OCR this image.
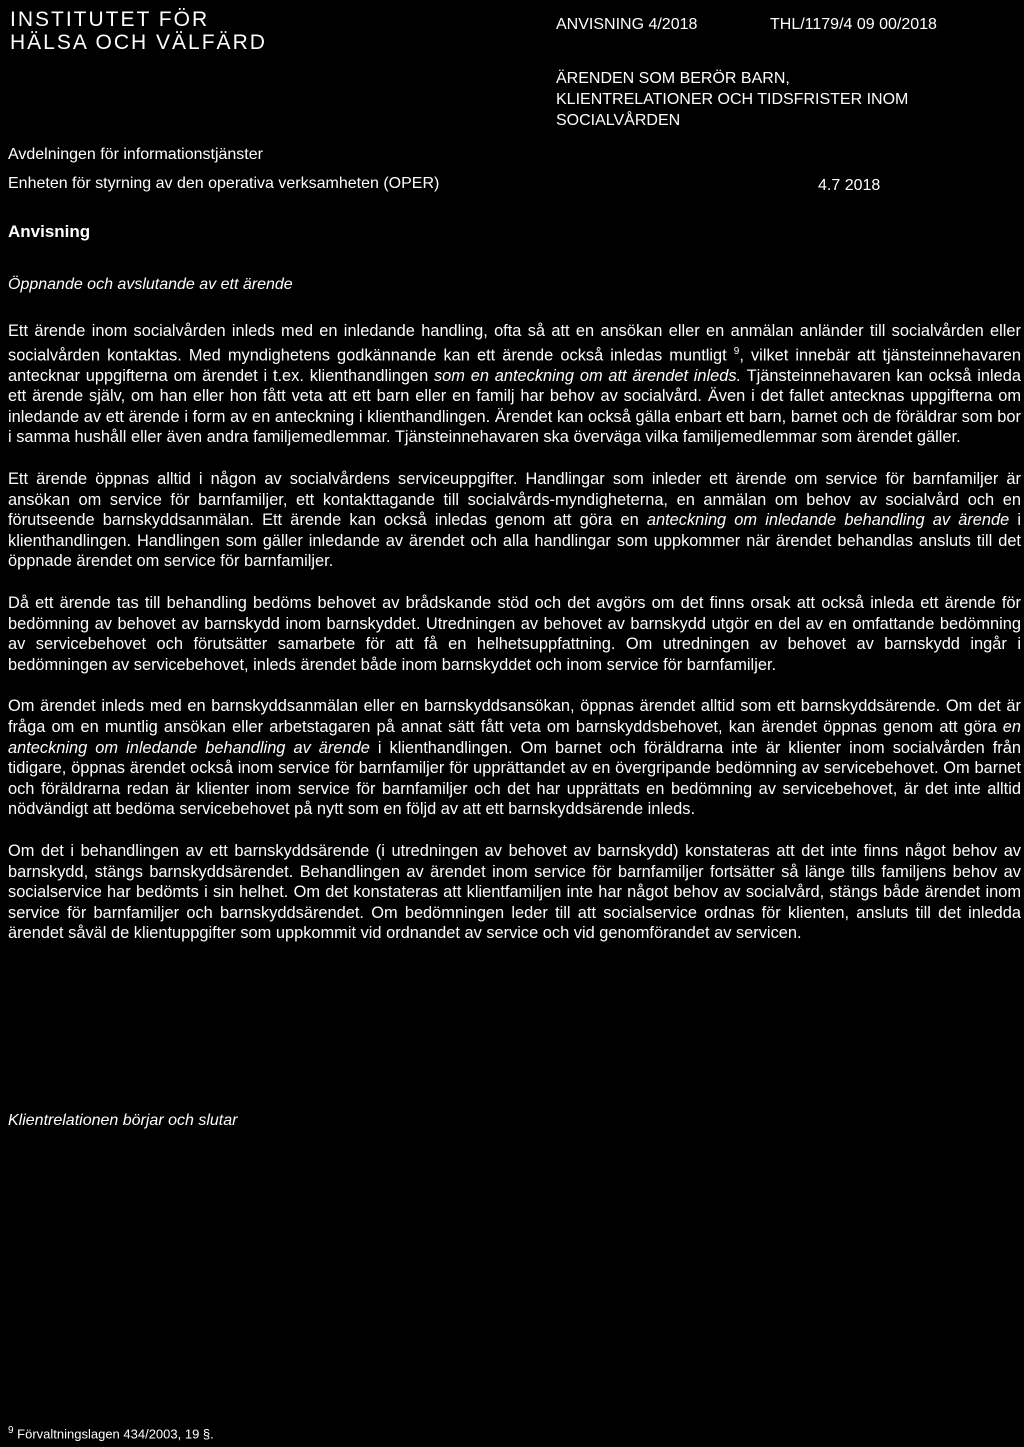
INSTITUTET FÖR
HÄLSA OCH VÄLFÄRD
ANVISNING 4/2018	THL/1179/4 09 00/2018
ÄRENDEN SOM BERÖR BARN,
KLIENTRELATIONER OCH TIDSFRISTER INOM
SOCIALVÅRDEN
Avdelningen för informationstjänster
Enheten för styrning av den operativa verksamheten (OPER)	4.7 2018
Anvisning
Öppnande och avslutande av ett ärende

Ett ärende inom socialvården inleds med en inledande handling, ofta så att en ansökan eller en anmälan anländer till socialvården eller socialvården kontaktas. Med myndighetens godkännande kan ett ärende också inledas muntligt $^9$, vilket innebär att tjänsteinnehavaren antecknar uppgifterna om ärendet i t.ex. klienthandlingen som en anteckning om att ärendet inleds. Tjänsteinnehavaren kan också inleda ett ärende själv, om han eller hon fått veta att ett barn eller en familj har behov av socialvård. Även i det fallet antecknas uppgifterna om inledande av ett ärende i form av en anteckning i klienthandlingen. Ärendet kan också gälla enbart ett barn, barnet och de föräldrar som bor i samma hushåll eller även andra familjemedlemmar. Tjänsteinnehavaren ska överväga vilka familjemedlemmar som ärendet gäller.

Ett ärende öppnas alltid i någon av socialvårdens serviceuppgifter. Handlingar som inleder ett ärende om service för barnfamiljer är ansökan om service för barnfamiljer, ett kontakttagande till socialvårds-myndigheterna, en anmälan om behov av socialvård och en förutseende barnskyddsanmälan. Ett ärende kan också inledas genom att göra en anteckning om inledande behandling av ärende i klienthandlingen. Handlingen som gäller inledande av ärendet och alla handlingar som uppkommer när ärendet behandlas ansluts till det öppnade ärendet om service för barnfamiljer.

Då ett ärende tas till behandling bedöms behovet av brådskande stöd och det avgörs om det finns orsak att också inleda ett ärende för bedömning av behovet av barnskydd inom barnskyddet. Utredningen av behovet av barnskydd utgör en del av en omfattande bedömning av servicebehovet och förutsätter samarbete för att få en helhetsuppfattning. Om utredningen av behovet av barnskydd ingår i bedömningen av servicebehovet, inleds ärendet både inom barnskyddet och inom service för barnfamiljer.

Om ärendet inleds med en barnskyddsanmälan eller en barnskyddsansökan, öppnas ärendet alltid som ett barnskyddsärende. Om det är fråga om en muntlig ansökan eller arbetstagaren på annat sätt fått veta om barnskyddsbehovet, kan ärendet öppnas genom att göra en anteckning om inledande behandling av ärende i klienthandlingen. Om barnet och föräldrarna inte är klienter inom socialvården från tidigare, öppnas ärendet också inom service för barnfamiljer för upprättandet av en övergripande bedömning av servicebehovet. Om barnet och föräldrarna redan är klienter inom service för barnfamiljer och det har upprättats en bedömning av servicebehovet, är det inte alltid nödvändigt att bedöma servicebehovet på nytt som en följd av att ett barnskyddsärende inleds.

Om det i behandlingen av ett barnskyddsärende (i utredningen av behovet av barnskydd) konstateras att det inte finns något behov av barnskydd, stängs barnskyddsärendet. Behandlingen av ärendet inom service för barnfamiljer fortsätter så länge tills familjens behov av socialservice har bedömts i sin helhet. Om det konstateras att klientfamiljen inte har något behov av socialvård, stängs både ärendet inom service för barnfamiljer och barnskyddsärendet. Om bedömningen leder till att socialservice ordnas för klienten, ansluts till det inledda ärendet såväl de klientuppgifter som uppkommit vid ordnandet av service och vid genomförandet av servicen.

Klientrelationen börjar och slutar
$^9$ Förvaltningslagen 434/2003, 19 §.
